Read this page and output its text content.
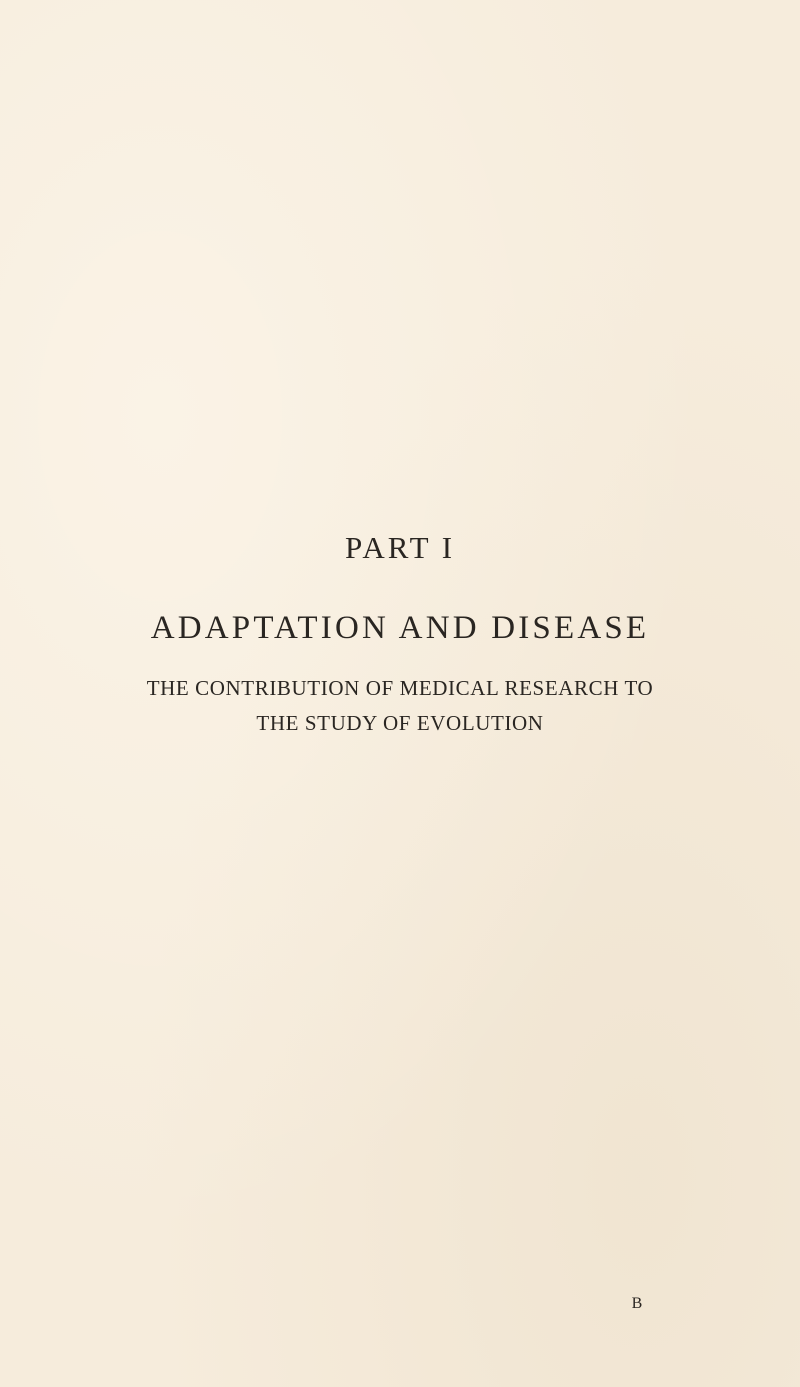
PART I
ADAPTATION AND DISEASE
THE CONTRIBUTION OF MEDICAL RESEARCH TO
THE STUDY OF EVOLUTION
B
